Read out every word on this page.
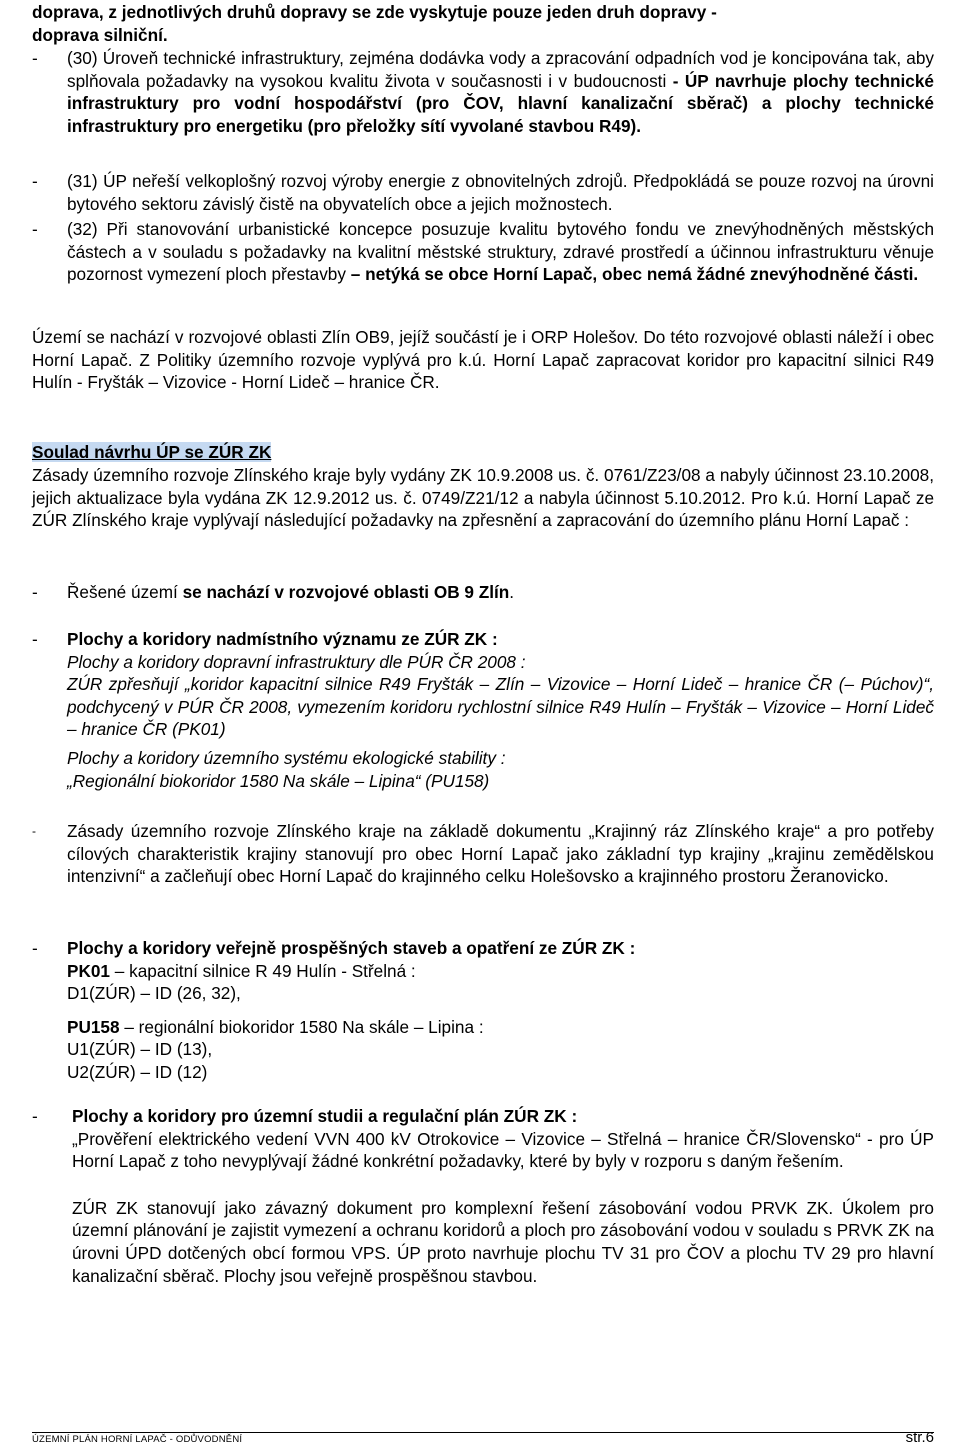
doprava, z jednotlivých druhů dopravy se zde vyskytuje pouze jeden druh dopravy -
doprava silniční.
- (30) Úroveň technické infrastruktury, zejména dodávka vody a zpracování odpadních vod je koncipována tak, aby splňovala požadavky na vysokou kvalitu života v současnosti i v budoucnosti - ÚP navrhuje plochy technické infrastruktury pro vodní hospodářství (pro ČOV, hlavní kanalizační sběrač) a plochy technické infrastruktury pro energetiku (pro přeložky sítí vyvolané stavbou R49).
- (31) ÚP neřeší velkoplošný rozvoj výroby energie z obnovitelných zdrojů. Předpokládá se pouze rozvoj na úrovni bytového sektoru závislý čistě na obyvatelích obce a jejich možnostech.
- (32) Při stanovování urbanistické koncepce posuzuje kvalitu bytového fondu ve znevýhodněných městských částech a v souladu s požadavky na kvalitní městské struktury, zdravé prostředí a účinnou infrastrukturu věnuje pozornost vymezení ploch přestavby – netýká se obce Horní Lapač, obec nemá žádné znevýhodněné části.
Území se nachází v rozvojové oblasti Zlín OB9, jejíž součástí je i ORP Holešov. Do této rozvojové oblasti náleží i obec Horní Lapač. Z Politiky územního rozvoje vyplývá pro k.ú. Horní Lapač zapracovat koridor pro kapacitní silnici R49 Hulín - Fryšták – Vizovice - Horní Lideč – hranice ČR.
Soulad návrhu ÚP se ZÚR ZK
Zásady územního rozvoje Zlínského kraje byly vydány ZK 10.9.2008 us. č. 0761/Z23/08 a nabyly účinnost 23.10.2008, jejich aktualizace byla vydána ZK 12.9.2012 us. č. 0749/Z21/12 a nabyla účinnost 5.10.2012. Pro k.ú. Horní Lapač ze ZÚR Zlínského kraje vyplývají následující požadavky na zpřesnění a zapracování do územního plánu Horní Lapač :
- Řešené území se nachází v rozvojové oblasti OB 9 Zlín.
- Plochy a koridory nadmístního významu ze ZÚR ZK :
Plochy a koridory dopravní infrastruktury dle PÚR ČR 2008 :
ZÚR zpřesňují „koridor kapacitní silnice R49 Fryšták – Zlín – Vizovice – Horní Lideč – hranice ČR (– Púchov)“, podchycený v PÚR ČR 2008, vymezením koridoru rychlostní silnice R49 Hulín – Fryšták – Vizovice – Horní Lideč – hranice ČR (PK01)
Plochy a koridory územního systému ekologické stability :
„Regionální biokoridor 1580 Na skále – Lipina“ (PU158)
- Zásady územního rozvoje Zlínského kraje na základě dokumentu „Krajinný ráz Zlínského kraje“ a pro potřeby cílových charakteristik krajiny stanovují pro obec Horní Lapač jako základní typ krajiny „krajinu zemědělskou intenzivní“ a začleňují obec Horní Lapač do krajinného celku Holešovsko a krajinného prostoru Žeranovicko.
- Plochy a koridory veřejně prospěšných staveb a opatření ze ZÚR ZK :
PK01 – kapacitní silnice R 49 Hulín - Střelná :
D1(ZÚR) – ID (26, 32),
PU158 – regionální biokoridor 1580 Na skále – Lipina :
U1(ZÚR) – ID (13),
U2(ZÚR) – ID (12)
- Plochy a koridory pro územní studii a regulační plán ZÚR ZK :
„Prověření elektrického vedení VVN 400 kV Otrokovice – Vizovice – Střelná – hranice ČR/Slovensko“ - pro ÚP Horní Lapač z toho nevyplývají žádné konkrétní požadavky, které by byly v rozporu s daným řešením.
ZÚR ZK stanovují jako závazný dokument pro komplexní řešení zásobování vodou PRVK ZK. Úkolem pro územní plánování je zajistit vymezení a ochranu koridorů a ploch pro zásobování vodou v souladu s PRVK ZK na úrovni ÚPD dotčených obcí formou VPS. ÚP proto navrhuje plochu TV 31 pro ČOV a plochu TV 29 pro hlavní kanalizační sběrač. Plochy jsou veřejně prospěšnou stavbou.
ÚZEMNÍ PLÁN HORNÍ LAPAČ - ODŮVODNĚNÍ	str.6
